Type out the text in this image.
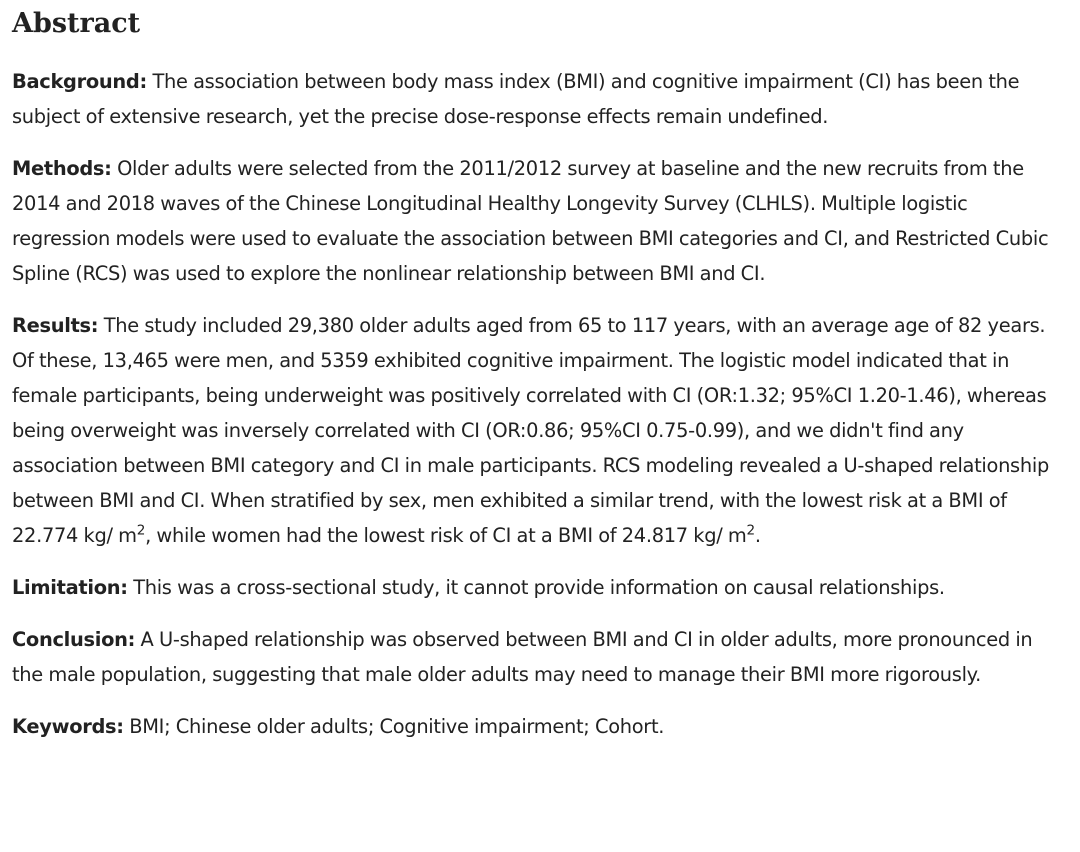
Abstract

Background: The association between body mass index (BMI) and cognitive impairment (CI) has been the subject of extensive research, yet the precise dose-response effects remain undefined.

Methods: Older adults were selected from the 2011/2012 survey at baseline and the new recruits from the 2014 and 2018 waves of the Chinese Longitudinal Healthy Longevity Survey (CLHLS). Multiple logistic regression models were used to evaluate the association between BMI categories and CI, and Restricted Cubic Spline (RCS) was used to explore the nonlinear relationship between BMI and CI.

Results: The study included 29,380 older adults aged from 65 to 117 years, with an average age of 82 years. Of these, 13,465 were men, and 5359 exhibited cognitive impairment. The logistic model indicated that in female participants, being underweight was positively correlated with CI (OR:1.32; 95%CI 1.20-1.46), whereas being overweight was inversely correlated with CI (OR:0.86; 95%CI 0.75-0.99), and we didn't find any association between BMI category and CI in male participants. RCS modeling revealed a U-shaped relationship between BMI and CI. When stratified by sex, men exhibited a similar trend, with the lowest risk at a BMI of 22.774 kg/ $m^2$, while women had the lowest risk of CI at a BMI of 24.817 kg/ $m^2$.

Limitation: This was a cross-sectional study, it cannot provide information on causal relationships.

Conclusion: A U-shaped relationship was observed between BMI and CI in older adults, more pronounced in the male population, suggesting that male older adults may need to manage their BMI more rigorously.

Keywords: BMI; Chinese older adults; Cognitive impairment; Cohort.
